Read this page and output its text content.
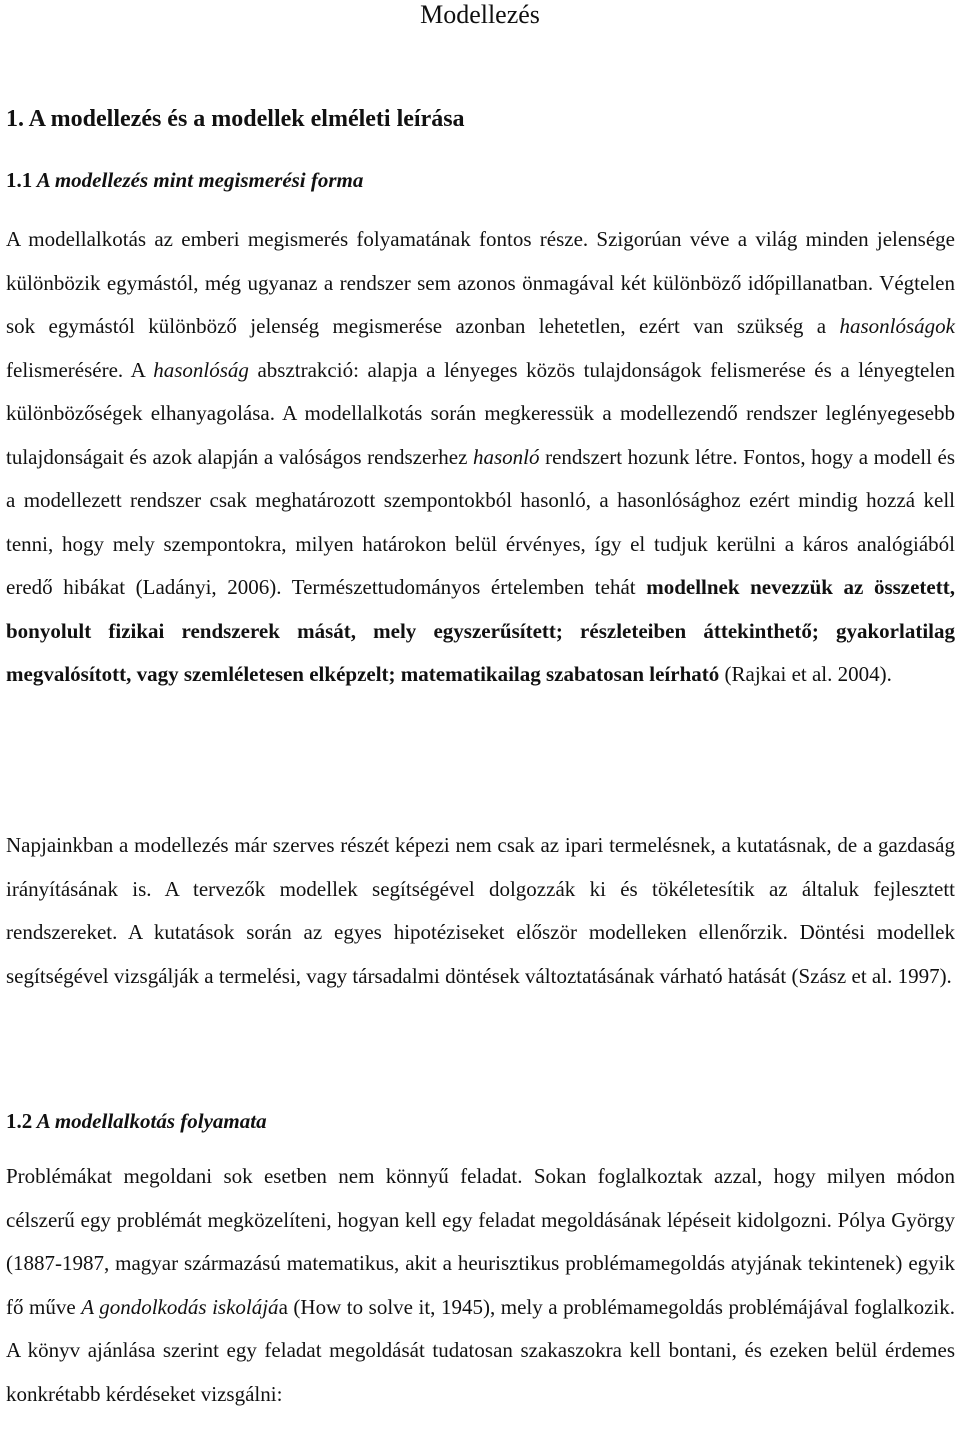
Modellezés
1. A modellezés és a modellek elméleti leírása
1.1 A modellezés mint megismerési forma

A modellalkotás az emberi megismerés folyamatának fontos része. Szigorúan véve a világ minden jelensége különbözik egymástól, még ugyanaz a rendszer sem azonos önmagával két különböző időpillanatban. Végtelen sok egymástól különböző jelenség megismerése azonban lehetetlen, ezért van szükség a hasonlóságok felismerésére. A hasonlóság absztrakció: alapja a lényeges közös tulajdonságok felismerése és a lényegtelen különbözőségek elhanyagolása. A modellalkotás során megkeressük a modellezendő rendszer leglényegesebb tulajdonságait és azok alapján a valóságos rendszerhez hasonló rendszert hozunk létre. Fontos, hogy a modell és a modellezett rendszer csak meghatározott szempontokból hasonló, a hasonlósághoz ezért mindig hozzá kell tenni, hogy mely szempontokra, milyen határokon belül érvényes, így el tudjuk kerülni a káros analógiából eredő hibákat (Ladányi, 2006). Természettudományos értelemben tehát modellnek nevezzük az összetett, bonyolult fizikai rendszerek mását, mely egyszerűsített; részleteiben áttekinthető; gyakorlatilag megvalósított, vagy szemléletesen elképzelt; matematikailag szabatosan leírható (Rajkai et al. 2004).

Napjainkban a modellezés már szerves részét képezi nem csak az ipari termelésnek, a kutatásnak, de a gazdaság irányításának is. A tervezők modellek segítségével dolgozzák ki és tökéletesítik az általuk fejlesztett rendszereket. A kutatások során az egyes hipotéziseket először modelleken ellenőrzik. Döntési modellek segítségével vizsgálják a termelési, vagy társadalmi döntések változtatásának várható hatását (Szász et al. 1997).

1.2 A modellalkotás folyamata

Problémákat megoldani sok esetben nem könnyű feladat. Sokan foglalkoztak azzal, hogy milyen módon célszerű egy problémát megközelíteni, hogyan kell egy feladat megoldásának lépéseit kidolgozni. Pólya György (1887-1987, magyar származású matematikus, akit a heurisztikus problémamegoldás atyjának tekintenek) egyik fő műve A gondolkodás iskolájáa (How to solve it, 1945), mely a problémamegoldás problémájával foglalkozik. A könyv ajánlása szerint egy feladat megoldását tudatosan szakaszokra kell bontani, és ezeken belül érdemes konkrétabb kérdéseket vizsgálni:
